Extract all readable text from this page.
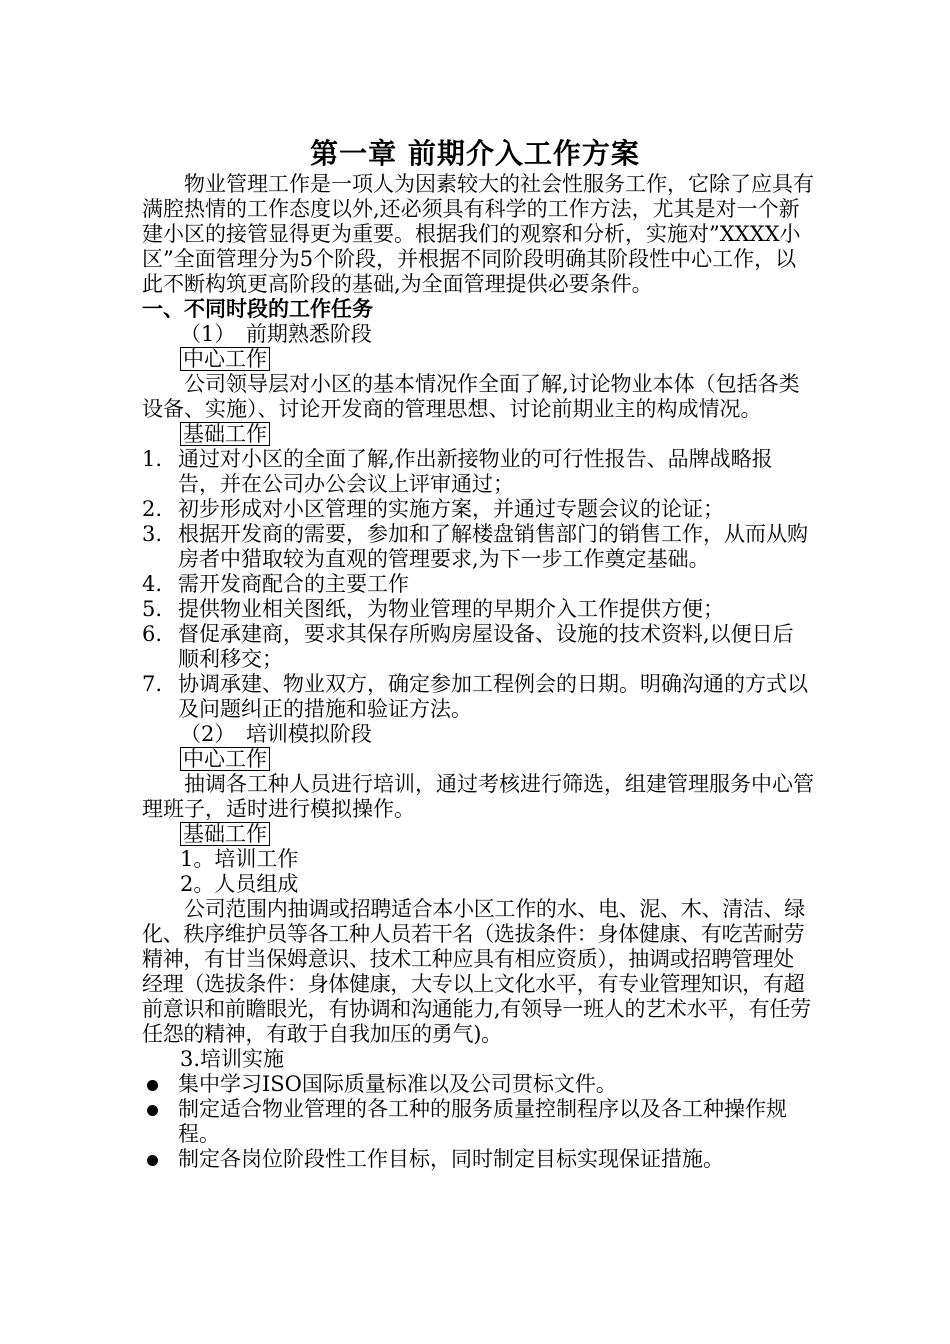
第一章 前期介入工作方案

物业管理工作是一项人为因素较大的社会性服务工作，它除了应具有满腔热情的工作态度以外,还必须具有科学的工作方法，尤其是对一个新建小区的接管显得更为重要。根据我们的观察和分析，实施对”XXXX小区”全面管理分为5个阶段，并根据不同阶段明确其阶段性中心工作，以此不断构筑更高阶段的基础,为全面管理提供必要条件。

一、不同时段的工作任务

（1）　前期熟悉阶段

中心工作

公司领导层对小区的基本情况作全面了解,讨论物业本体（包括各类设备、实施）、讨论开发商的管理思想、讨论前期业主的构成情况。

基础工作

1. 通过对小区的全面了解,作出新接物业的可行性报告、品牌战略报告，并在公司办公会议上评审通过；
2. 初步形成对小区管理的实施方案，并通过专题会议的论证；
3. 根据开发商的需要，参加和了解楼盘销售部门的销售工作，从而从购房者中猎取较为直观的管理要求,为下一步工作奠定基础。
4. 需开发商配合的主要工作
5. 提供物业相关图纸，为物业管理的早期介入工作提供方便；
6. 督促承建商，要求其保存所购房屋设备、设施的技术资料,以便日后顺利移交；
7. 协调承建、物业双方，确定参加工程例会的日期。明确沟通的方式以及问题纠正的措施和验证方法。

（2）　培训模拟阶段

中心工作

抽调各工种人员进行培训，通过考核进行筛选，组建管理服务中心管理班子，适时进行模拟操作。

基础工作

1。培训工作

2。人员组成

公司范围内抽调或招聘适合本小区工作的水、电、泥、木、清洁、绿化、秩序维护员等各工种人员若干名（选拔条件：身体健康、有吃苦耐劳精神，有甘当保姆意识、技术工种应具有相应资质），抽调或招聘管理处经理（选拔条件：身体健康，大专以上文化水平，有专业管理知识，有超前意识和前瞻眼光，有协调和沟通能力,有领导一班人的艺术水平，有任劳任怨的精神，有敢于自我加压的勇气)。

3.培训实施

集中学习ISO国际质量标准以及公司贯标文件。
制定适合物业管理的各工种的服务质量控制程序以及各工种操作规程。
制定各岗位阶段性工作目标，同时制定目标实现保证措施。
